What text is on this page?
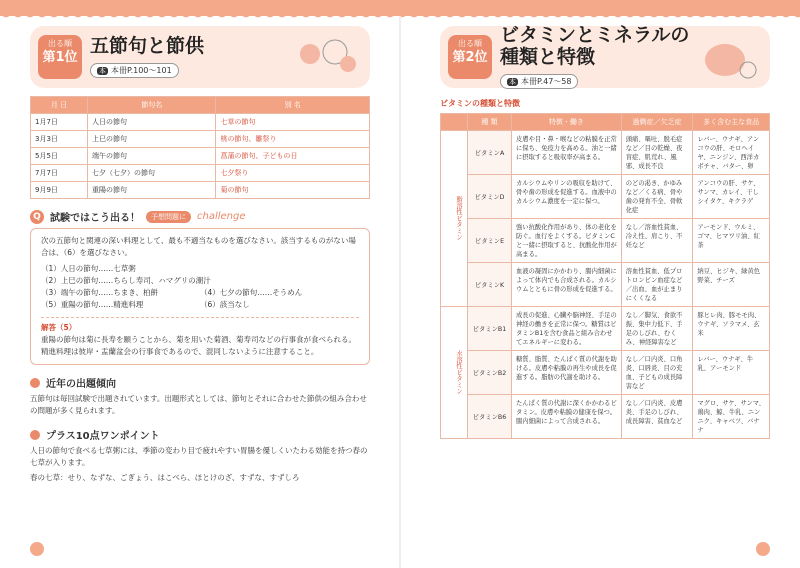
出る順
第1位
五節句と節供
本 本冊P.100〜101
月 日	節句名	別 名
1月7日	人日の節句	七草の節句
3月3日	上巳の節句	桃の節句、雛祭り
5月5日	端午の節句	菖蒲の節句、子どもの日
7月7日	七夕（七夕）の節句	七夕祭り
9月9日	重陽の節句	菊の節句
Q 試験ではこう出る！	予想問題に	challenge
次の五節句と関連の深い料理として、最も不適当なものを選びなさい。該当するものがない場合は、（6）を選びなさい。
（1）人日の節句……七草粥
（2）上巳の節句……ちらし寿司、ハマグリの潮汁
（3）端午の節句……ちまき、柏餅	（4）七夕の節句……そうめん
（5）重陽の節句……精進料理	（6）該当なし
解答（5）
重陽の節句は菊に長寿を願うことから、菊を用いた菊酒、菊寿司などの行事食が食べられる。精進料理は彼岸・盂蘭盆会の行事食であるので、混同しないように注意すること。
近年の出題傾向
五節句は毎回試験で出題されています。出題形式としては、節句とそれに合わせた節供の組み合わせの問題が多く見られます。
プラス10点ワンポイント
人日の節句で食べる七草粥には、季節の変わり目で疲れやすい胃腸を優しくいたわる効能を持つ春の七草が入ります。
春の七草：せり、なずな、ごぎょう、はこべら、ほとけのざ、すずな、すずしろ
出る順
第2位
ビタミンとミネラルの
種類と特徴
本 本冊P.47〜58
ビタミンの種類と特徴
	種 類	特徴・働き	過剰症／欠乏症	多く含む主な食品
脂溶性ビタミン	ビタミンA	皮膚や目・鼻・喉などの粘膜を正常に保ち、免疫力を高める。油と一緒に摂取すると吸収率が高まる。	頭痛、嘔吐、脱毛症など／目の乾燥、夜盲症、肌荒れ、風邪、成長不良	レバー、ウナギ、アンコウの肝、モロヘイヤ、ニンジン、西洋カボチャ、バター、卵
	ビタミンD	カルシウムやリンの吸収を助けて、骨や歯の形成を促進する。血液中のカルシウム濃度を一定に保つ。	のどの渇き、かゆみなど／くる病、骨や歯の発育不全、骨軟化症	アンコウの肝、サケ、サンマ、カレイ、干しシイタケ、キクラゲ
	ビタミンE	強い抗酸化作用があり、体の老化を防ぐ。血行をよくする。ビタミンCと一緒に摂取すると、抗酸化作用が高まる。	なし／溶血性貧血、冷え性、肩こり、不妊など	アーモンド、ウルミ、ゴマ、ヒマワリ油、紅茶
	ビタミンK	血液の凝固にかかわり、腸内細菌によって体内でも合成される。カルシウムとともに骨の形成を促進する。	溶血性貧血、低プロトロンビン血症など／出血、血が止まりにくくなる	納豆、ヒジキ、緑黄色野菜、チーズ
水溶性ビタミン	ビタミンB1	成長の促進、心臓や脳神経、手足の神経の働きを正常に保つ。糖質はビタミンB1を含む食品と組み合わせてエネルギーに変わる。	なし／脚気、食欲不振、集中力低下、手足のしびれ、むくみ、神経障害など	豚ヒレ肉、豚モモ肉、ウナギ、ソラマメ、玄米
	ビタミンB2	糖質、脂質、たんぱく質の代謝を助ける。皮膚や粘膜の再生や成長を促進する。脂肪の代謝を助ける。	なし／口内炎、口角炎、口唇炎、目の充血、子どもの成長障害など	レバー、ウナギ、牛乳、アーモンド
	ビタミンB6	たんぱく質の代謝に深くかかわるビタミン。皮膚や粘膜の健康を保つ。腸内細菌によって合成される。	なし／口内炎、皮膚炎、手足のしびれ、成長障害、貧血など	マグロ、サケ、サンマ、鶏肉、鯨、牛乳、ニンニク、キャベツ、バナナ
